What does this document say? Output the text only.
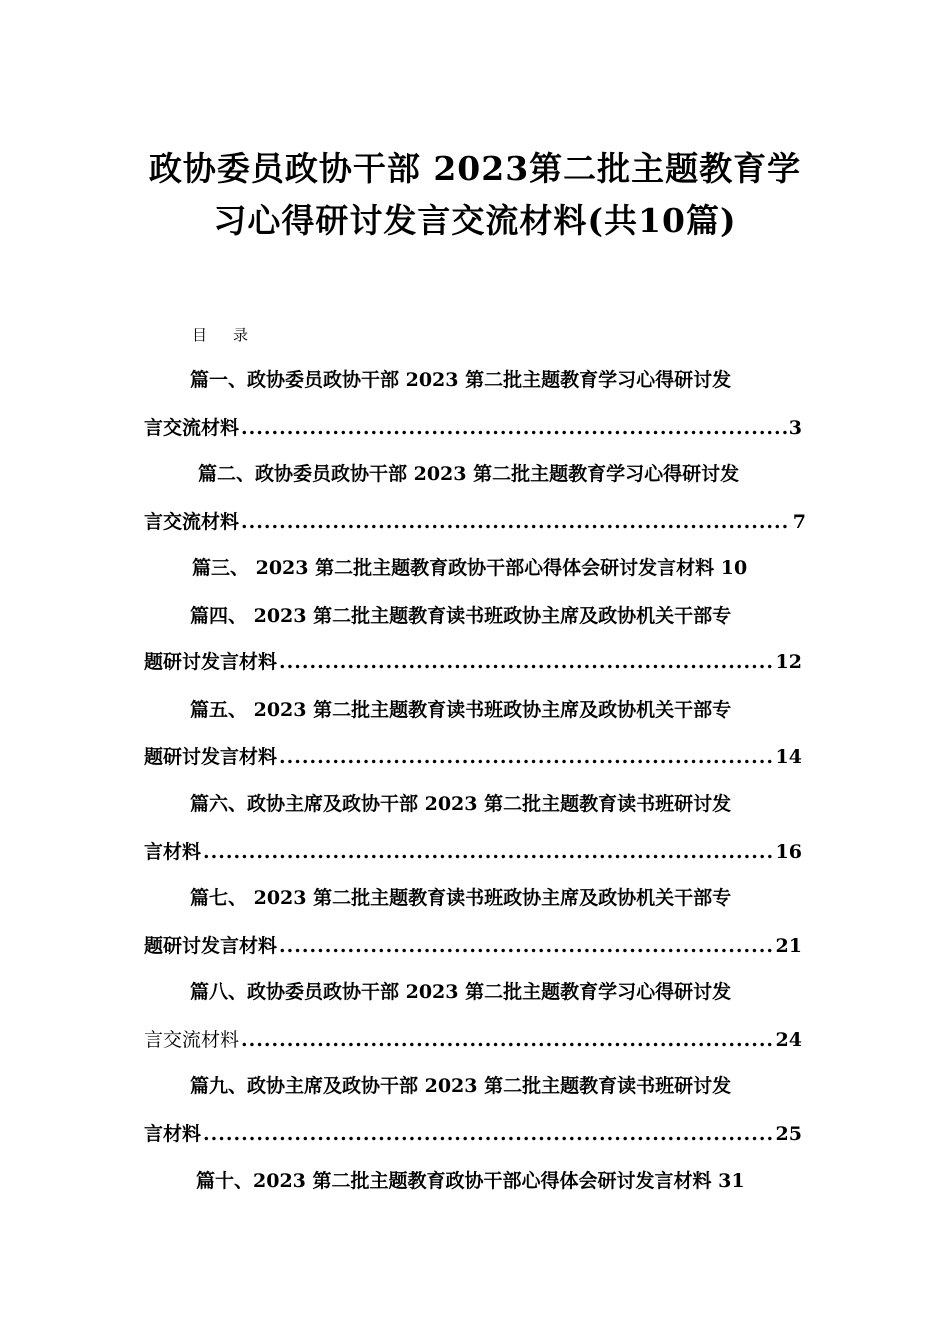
政协委员政协干部 2023第二批主题教育学
习心得研讨发言交流材料(共10篇)
目 录
篇一、政协委员政协干部 2023 第二批主题教育学习心得研讨发
言交流材料 .....	3
篇二、政协委员政协干部 2023 第二批主题教育学习心得研讨发
言交流材料 .....	7
篇三、 2023 第二批主题教育政协干部心得体会研讨发言材料 10
篇四、 2023 第二批主题教育读书班政协主席及政协机关干部专
题研讨发言材料 .....	12
篇五、 2023 第二批主题教育读书班政协主席及政协机关干部专
题研讨发言材料 .....	14
篇六、政协主席及政协干部 2023 第二批主题教育读书班研讨发
言材料 .....	16
篇七、 2023 第二批主题教育读书班政协主席及政协机关干部专
题研讨发言材料 .....	21
篇八、政协委员政协干部 2023 第二批主题教育学习心得研讨发
言交流材料 .....	24
篇九、政协主席及政协干部 2023 第二批主题教育读书班研讨发
言材料 .....	25
篇十、2023 第二批主题教育政协干部心得体会研讨发言材料 31
